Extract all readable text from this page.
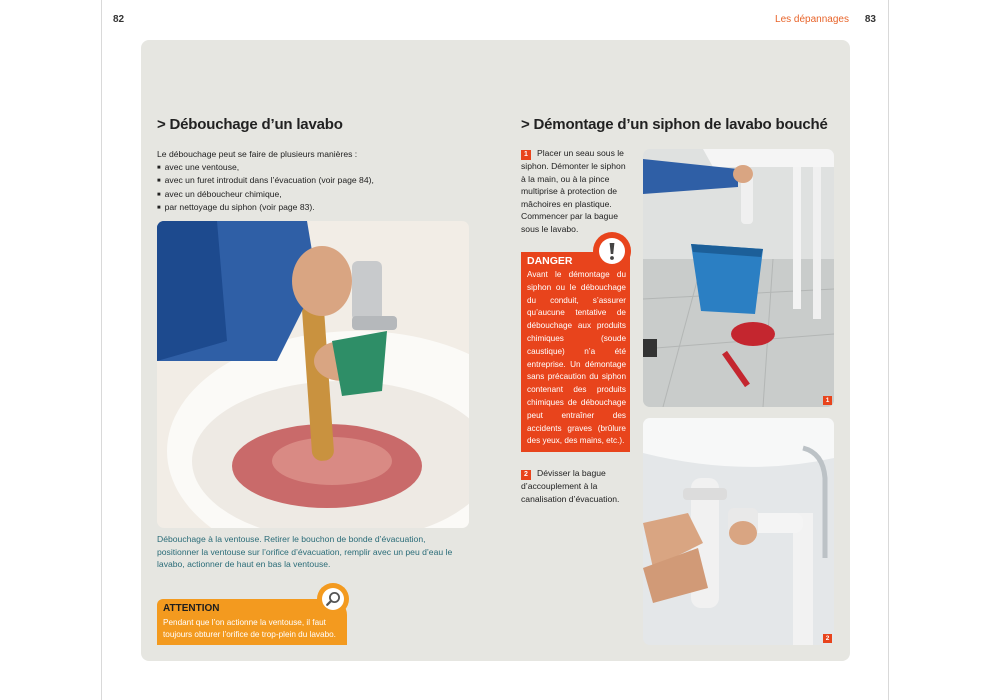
82	Les dépannages 83
> Débouchage d’un lavabo

Le débouchage peut se faire de plusieurs manières :

■ avec une ventouse,
■ avec un furet introduit dans l’évacuation (voir page 84),
■ avec un déboucheur chimique,
■ par nettoyage du siphon (voir page 83).
Débouchage à la ventouse. Retirer le bouchon de bonde d’évacuation, positionner la ventouse sur l’orifice d’évacuation, remplir avec un peu d’eau le lavabo, actionner de haut en bas la ventouse.
ATTENTION
Pendant que l’on actionne la ventouse, il faut toujours obturer l’orifice de trop-plein du lavabo.
> Démontage d’un siphon de lavabo bouché
1 Placer un seau sous le siphon. Démonter le siphon à la main, ou à la pince multiprise à protection de mâchoires en plastique. Commencer par la bague sous le lavabo.
DANGER
Avant le démontage du siphon ou le débouchage du conduit, s’assurer qu’aucune tentative de débouchage aux produits chimiques (soude caustique) n’a été entreprise. Un démontage sans précaution du siphon contenant des produits chimiques de débouchage peut entraîner des accidents graves (brûlure des yeux, des mains, etc.).
2 Dévisser la bague d’accouplement à la canalisation d’évacuation.
1
2
